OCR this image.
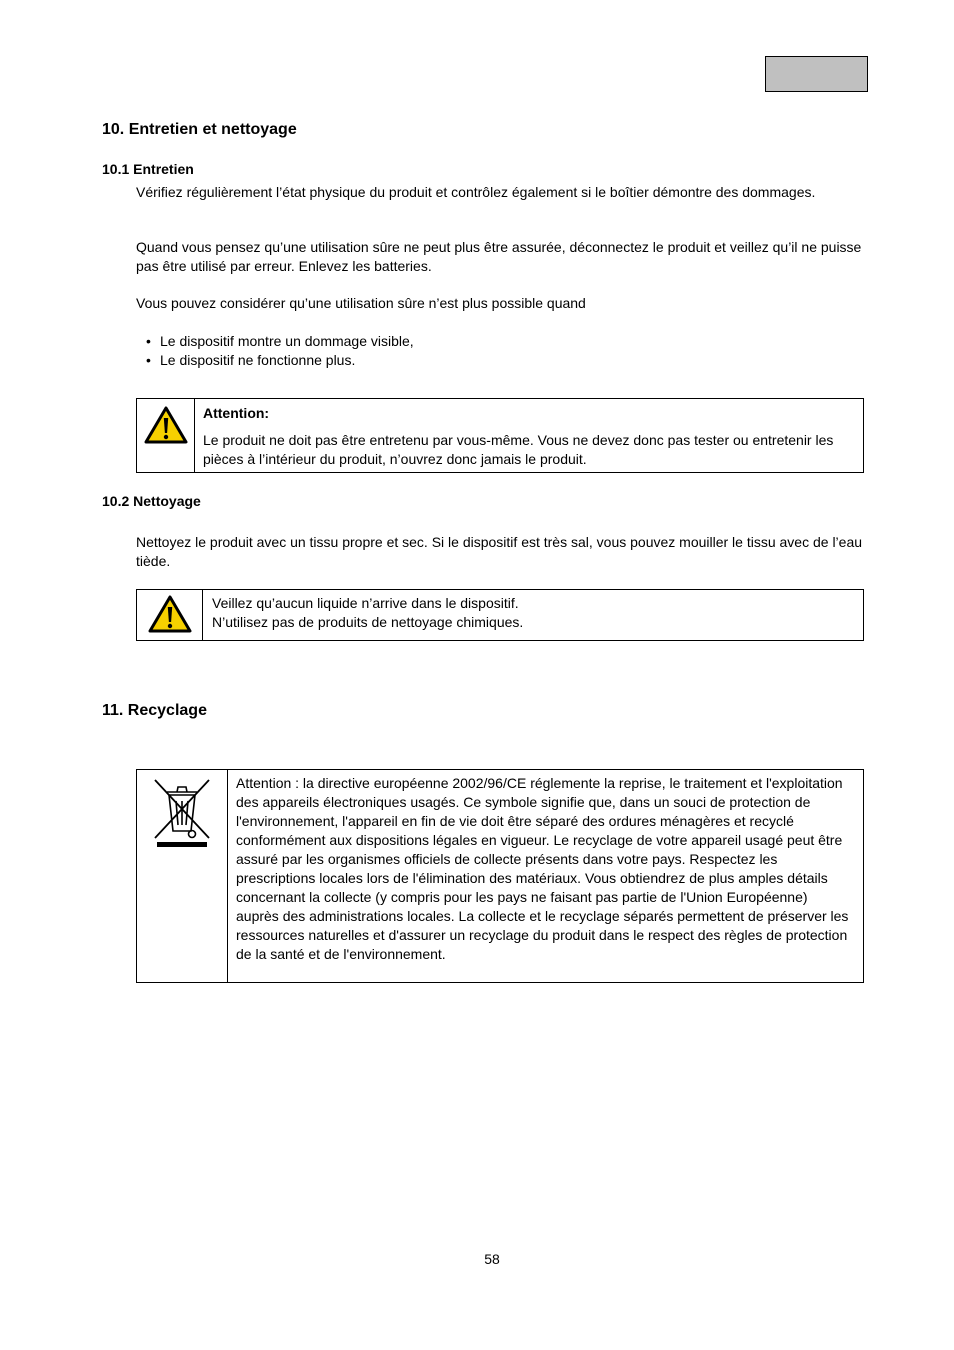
10. Entretien et nettoyage
10.1 Entretien
Vérifiez régulièrement l’état physique du produit et contrôlez également si le boîtier démontre des dommages.
Quand vous pensez qu’une utilisation sûre ne peut plus être assurée, déconnectez le produit et veillez qu’il ne puisse pas être utilisé par erreur. Enlevez les batteries.
Vous pouvez considérer qu’une utilisation sûre n’est plus possible quand
• Le dispositif montre un dommage visible,
• Le dispositif ne fonctionne plus.
Attention:
Le produit ne doit pas être entretenu par vous-même. Vous ne devez donc pas tester ou entretenir les pièces à l’intérieur du produit, n’ouvrez donc jamais le produit.
10.2 Nettoyage
Nettoyez le produit avec un tissu propre et sec. Si le dispositif est très sal, vous pouvez mouiller le tissu avec de l’eau tiède.
Veillez qu’aucun liquide n’arrive dans le dispositif.
N’utilisez pas de produits de nettoyage chimiques.
11. Recyclage
Attention : la directive européenne 2002/96/CE réglemente la reprise, le traitement et l'exploitation des appareils électroniques usagés. Ce symbole signifie que, dans un souci de protection de l'environnement, l'appareil en fin de vie doit être séparé des ordures ménagères et recyclé conformément aux dispositions légales en vigueur. Le recyclage de votre appareil usagé peut être assuré par les organismes officiels de collecte présents dans votre pays. Respectez les prescriptions locales lors de l'élimination des matériaux. Vous obtiendrez de plus amples détails concernant la collecte (y compris pour les pays ne faisant pas partie de l'Union Européenne) auprès des administrations locales. La collecte et le recyclage séparés permettent de préserver les ressources naturelles et d'assurer un recyclage du produit dans le respect des règles de protection de la santé et de l'environnement.
58
